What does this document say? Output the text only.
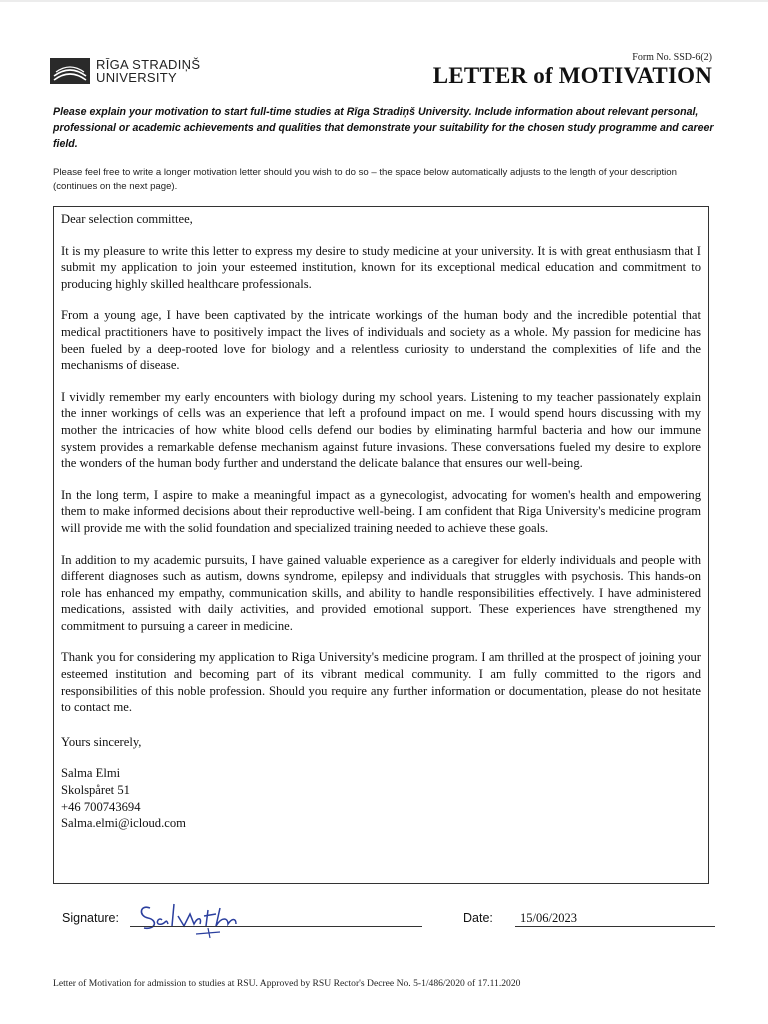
RĪGA STRADIŅŠ
UNIVERSITY
Form No. SSD-6(2)
LETTER of MOTIVATION
Please explain your motivation to start full-time studies at Rīga Stradiņš University. Include information about relevant personal, professional or academic achievements and qualities that demonstrate your suitability for the chosen study programme and career field.
Please feel free to write a longer motivation letter should you wish to do so – the space below automatically adjusts to the length of your description (continues on the next page).

Dear selection committee,

It is my pleasure to write this letter to express my desire to study medicine at your university. It is with great enthusiasm that I submit my application to join your esteemed institution, known for its exceptional medical education and commitment to producing highly skilled healthcare professionals.

From a young age, I have been captivated by the intricate workings of the human body and the incredible potential that medical practitioners have to positively impact the lives of individuals and society as a whole. My passion for medicine has been fueled by a deep-rooted love for biology and a relentless curiosity to understand the complexities of life and the mechanisms of disease.

I vividly remember my early encounters with biology during my school years. Listening to my teacher passionately explain the inner workings of cells was an experience that left a profound impact on me. I would spend hours discussing with my mother the intricacies of how white blood cells defend our bodies by eliminating harmful bacteria and how our immune system provides a remarkable defense mechanism against future invasions. These conversations fueled my desire to explore the wonders of the human body further and understand the delicate balance that ensures our well-being.

In the long term, I aspire to make a meaningful impact as a gynecologist, advocating for women's health and empowering them to make informed decisions about their reproductive well-being. I am confident that Riga University's medicine program will provide me with the solid foundation and specialized training needed to achieve these goals.

In addition to my academic pursuits, I have gained valuable experience as a caregiver for elderly individuals and people with different diagnoses such as autism, downs syndrome, epilepsy and individuals that struggles with psychosis. This hands-on role has enhanced my empathy, communication skills, and ability to handle responsibilities effectively. I have administered medications, assisted with daily activities, and provided emotional support. These experiences have strengthened my commitment to pursuing a career in medicine.

Thank you for considering my application to Riga University's medicine program. I am thrilled at the prospect of joining your esteemed institution and becoming part of its vibrant medical community. I am fully committed to the rigors and responsibilities of this noble profession. Should you require any further information or documentation, please do not hesitate to contact me.

Yours sincerely,

Salma Elmi

Skolspåret 51

+46 700743694

Salma.elmi@icloud.com

Signature:	Date: 15/06/2023
Letter of Motivation for admission to studies at RSU. Approved by RSU Rector's Decree No. 5-1/486/2020 of 17.11.2020
